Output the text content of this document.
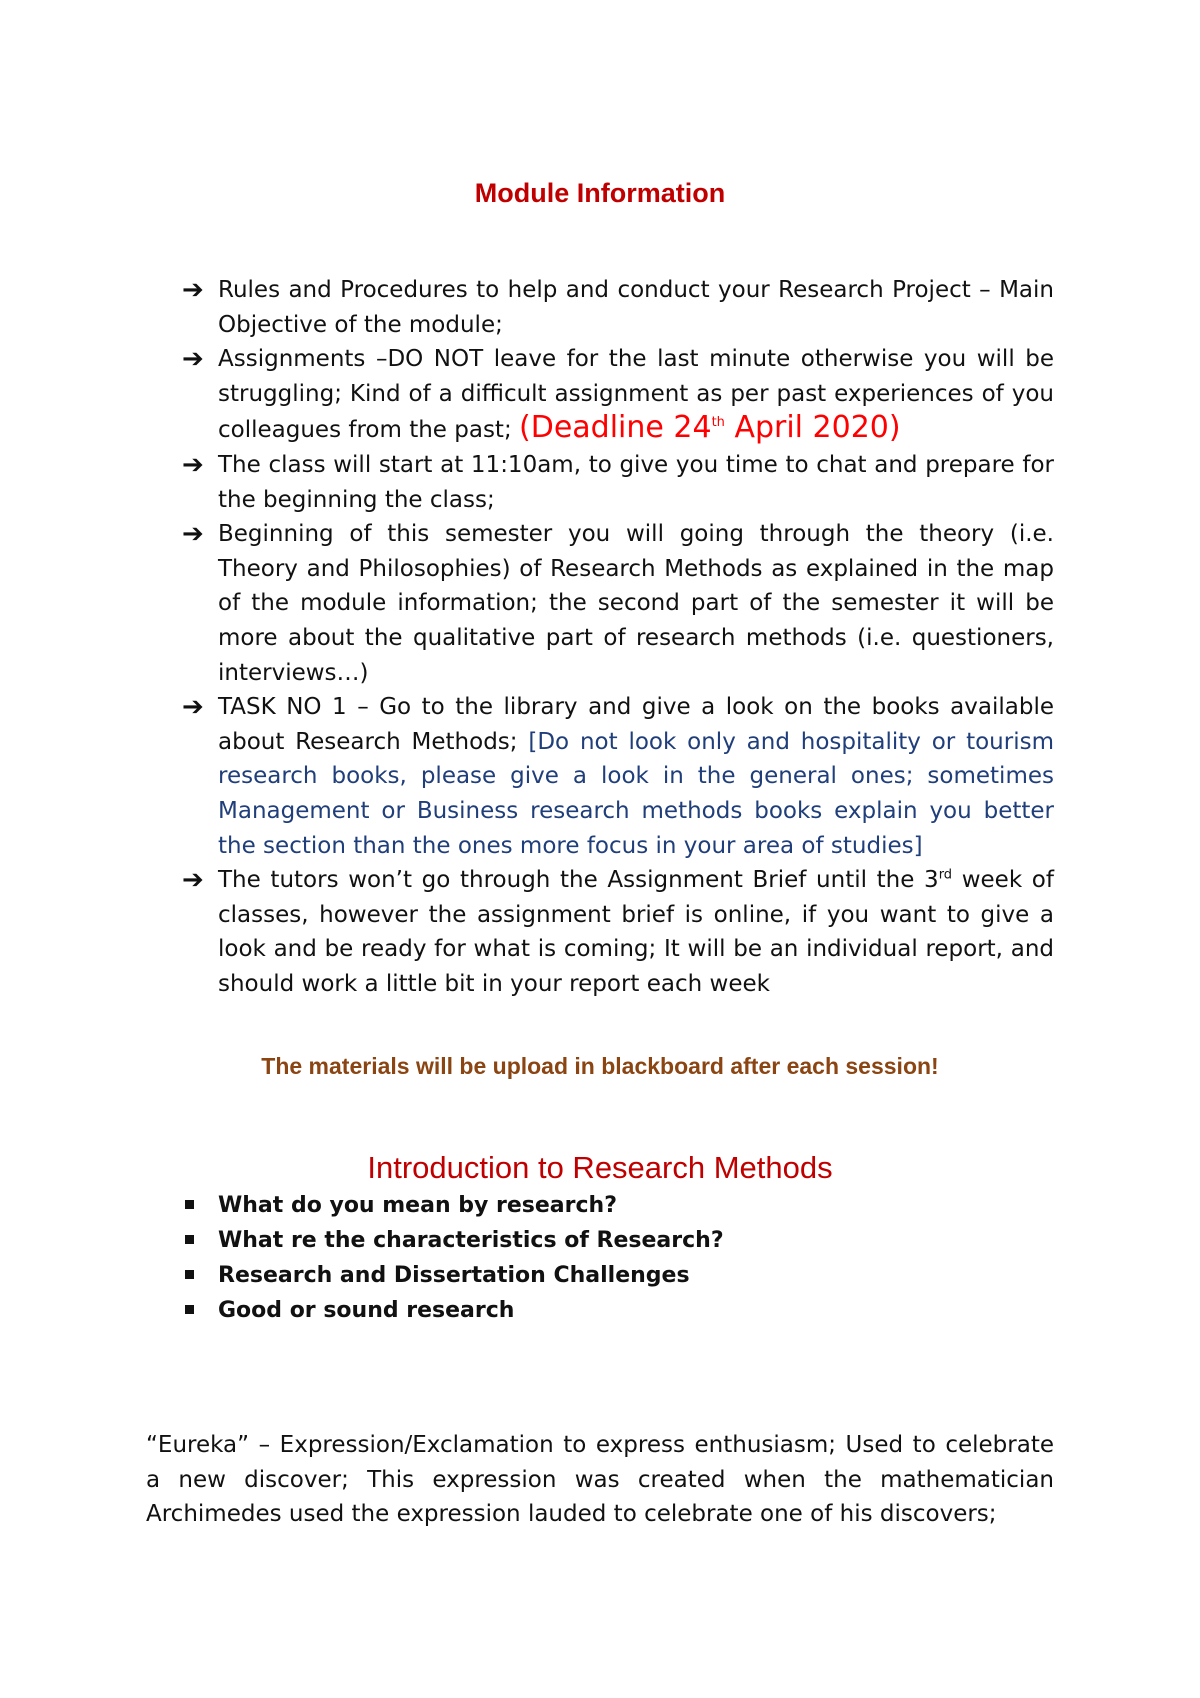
Module Information
➔ Rules and Procedures to help and conduct your Research Project – Main Objective of the module;
➔ Assignments –DO NOT leave for the last minute otherwise you will be struggling; Kind of a difficult assignment as per past experiences of you colleagues from the past; (Deadline 24th April 2020)
➔ The class will start at 11:10am, to give you time to chat and prepare for the beginning the class;
➔ Beginning of this semester you will going through the theory (i.e. Theory and Philosophies) of Research Methods as explained in the map of the module information; the second part of the semester it will be more about the qualitative part of research methods (i.e. questioners, interviews…)
➔ TASK NO 1 – Go to the library and give a look on the books available about Research Methods; [Do not look only and hospitality or tourism research books, please give a look in the general ones; sometimes Management or Business research methods books explain you better the section than the ones more focus in your area of studies]
➔ The tutors won’t go through the Assignment Brief until the 3rd week of classes, however the assignment brief is online, if you want to give a look and be ready for what is coming; It will be an individual report, and should work a little bit in your report each week

The materials will be upload in blackboard after each session!

Introduction to Research Methods
What do you mean by research?
What re the characteristics of Research?
Research and Dissertation Challenges
Good or sound research

“Eureka” – Expression/Exclamation to express enthusiasm; Used to celebrate a new discover; This expression was created when the mathematician Archimedes used the expression lauded to celebrate one of his discovers;
